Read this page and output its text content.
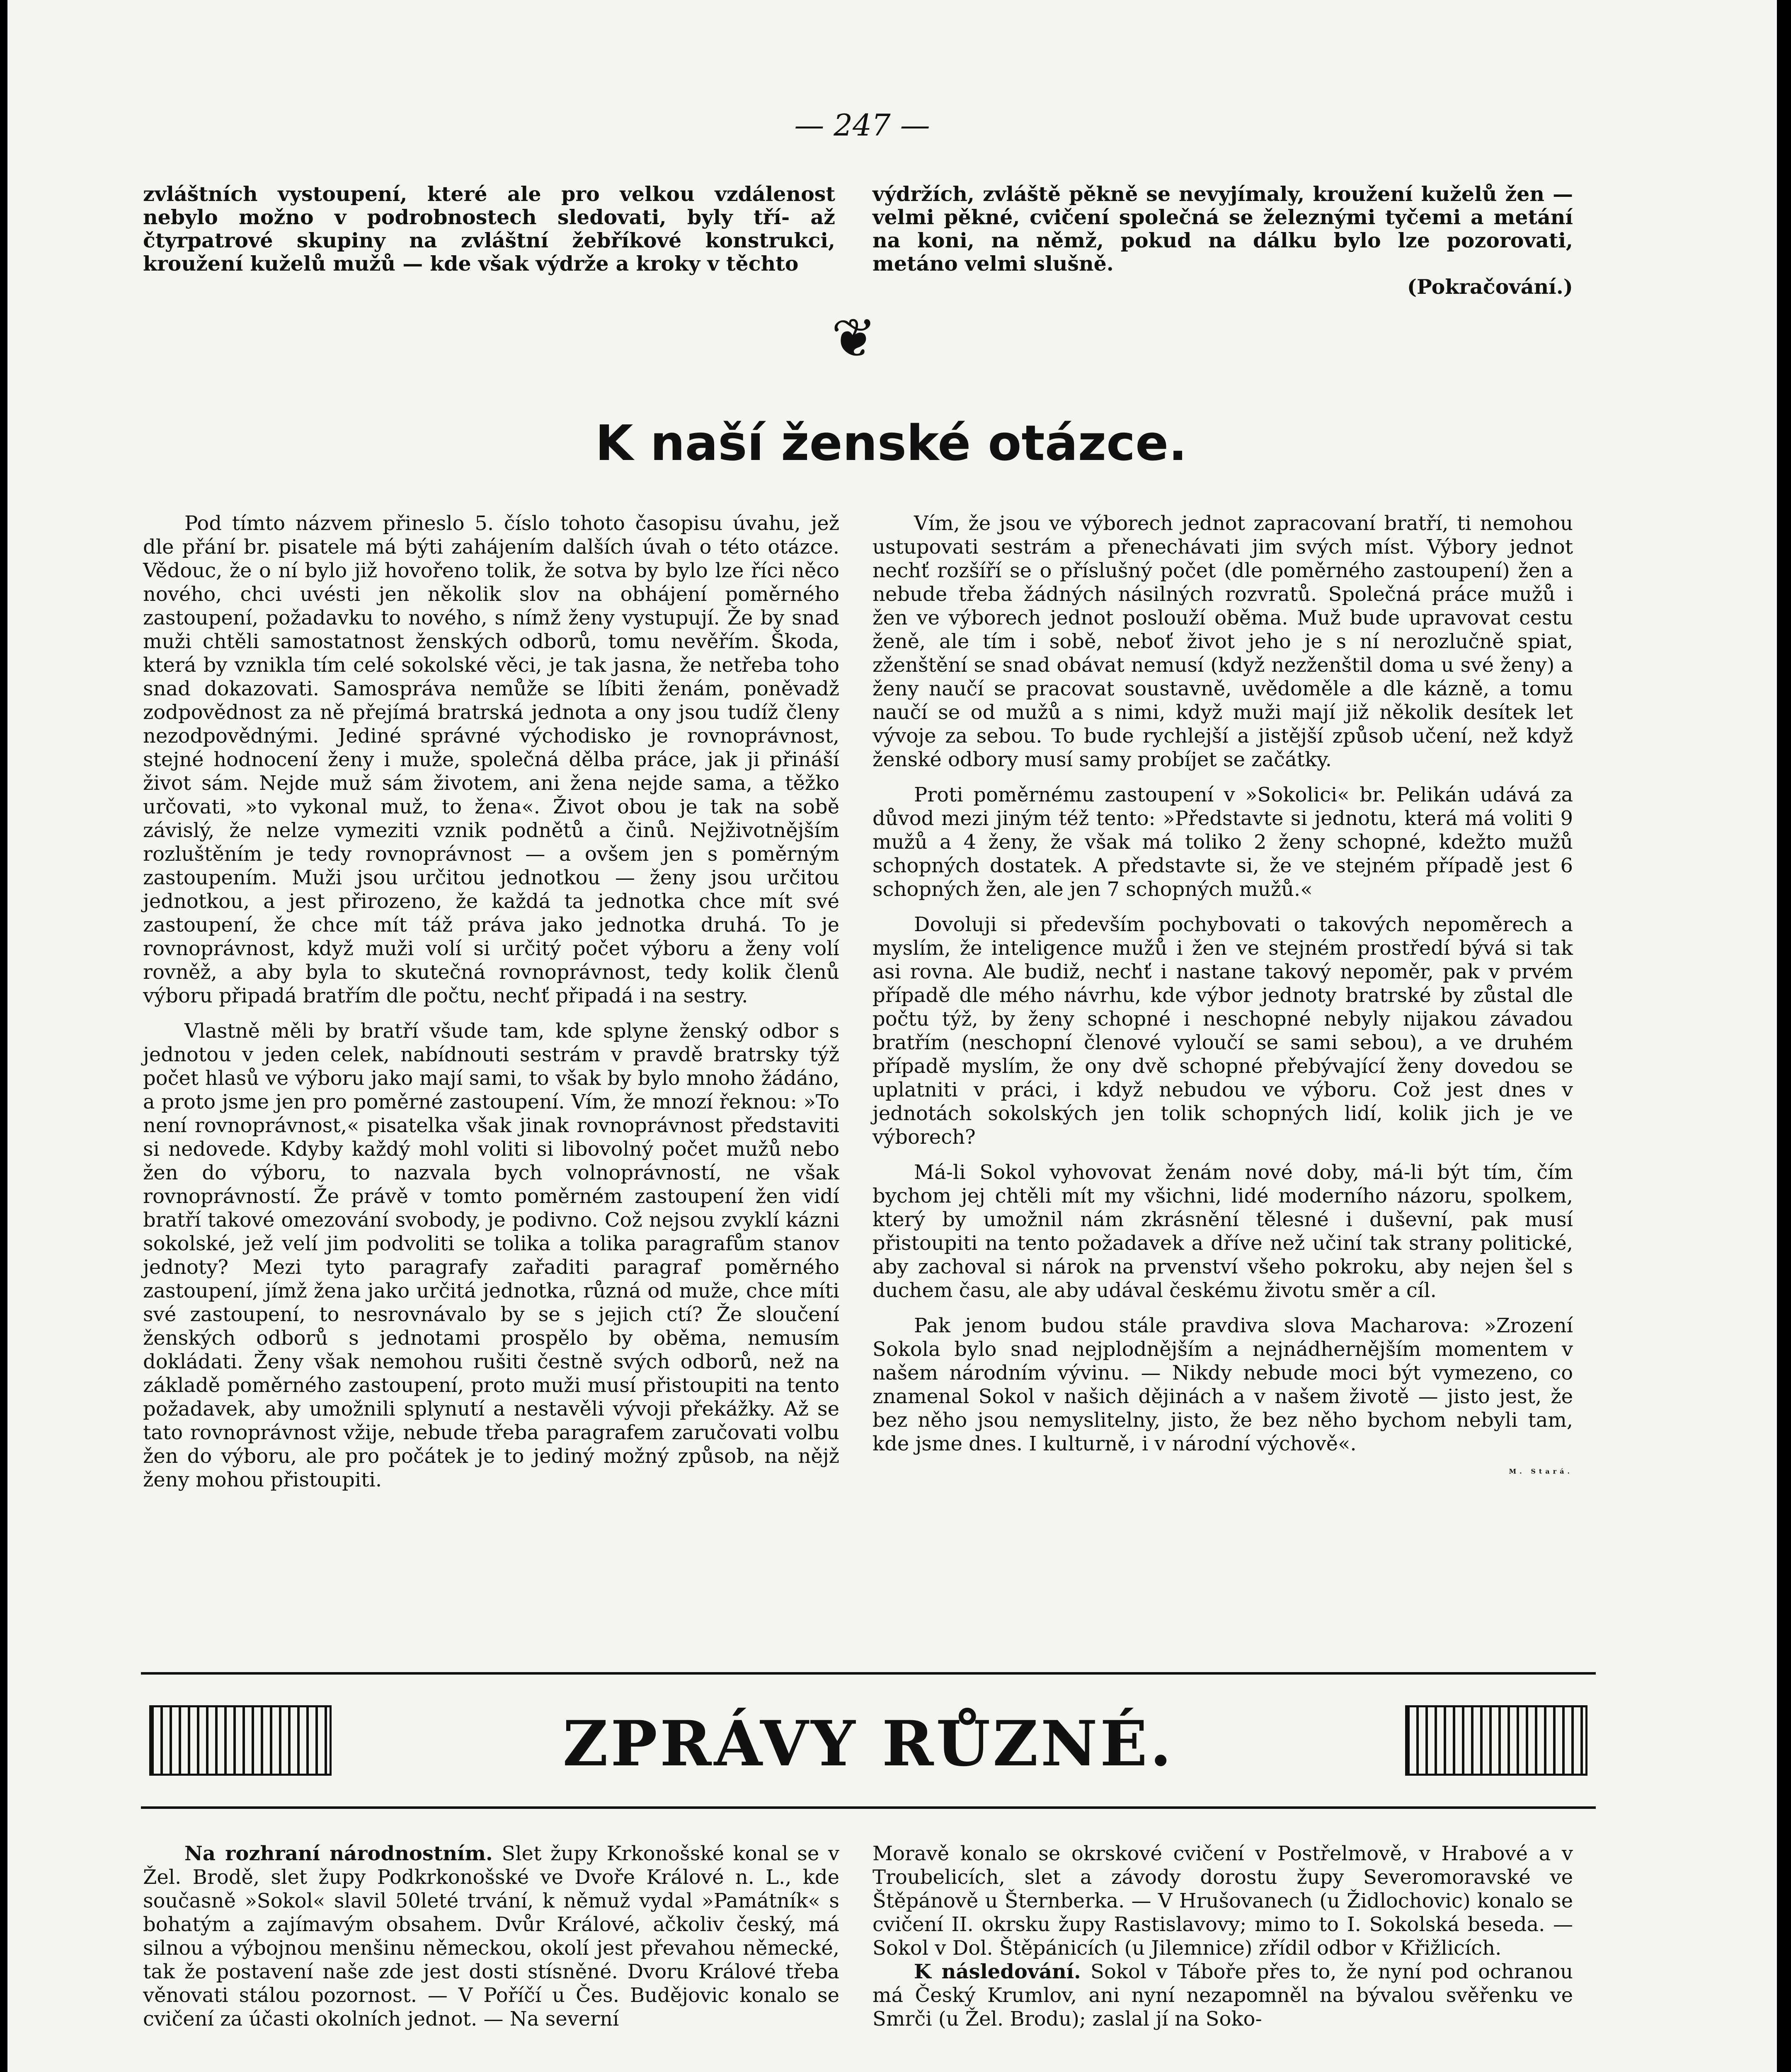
— 247 —
zvláštních vystoupení, které ale pro velkou vzdálenost nebylo možno v podrobnostech sledovati, byly tří- až čtyrpatrové skupiny na zvláštní žebříkové konstrukci, kroužení kuželů mužů — kde však výdrže a kroky v těchto
výdržích, zvláště pěkně se nevyjímaly, kroužení kuželů žen — velmi pěkné, cvičení společná se železnými tyčemi a metání na koni, na němž, pokud na dálku bylo lze pozorovati, metáno velmi slušně.
(Pokračování.)
❦
K naší ženské otázce.

Pod tímto názvem přineslo 5. číslo tohoto časopisu úvahu, jež dle přání br. pisatele má býti zahájením dalších úvah o této otázce. Vědouc, že o ní bylo již hovořeno tolik, že sotva by bylo lze říci něco nového, chci uvésti jen několik slov na obhájení poměrného zastoupení, požadavku to nového, s nímž ženy vystupují. Že by snad muži chtěli samostatnost ženských odborů, tomu nevěřím. Škoda, která by vznikla tím celé sokolské věci, je tak jasna, že netřeba toho snad dokazovati. Samospráva nemůže se líbiti ženám, poněvadž zodpovědnost za ně přejímá bratrská jednota a ony jsou tudíž členy nezodpovědnými. Jediné správné východisko je rovnoprávnost, stejné hodnocení ženy i muže, společná dělba práce, jak ji přináší život sám. Nejde muž sám životem, ani žena nejde sama, a těžko určovati, »to vykonal muž, to žena«. Život obou je tak na sobě závislý, že nelze vymeziti vznik podnětů a činů. Nejživotnějším rozluštěním je tedy rovnoprávnost — a ovšem jen s poměrným zastoupením. Muži jsou určitou jednotkou — ženy jsou určitou jednotkou, a jest přirozeno, že každá ta jednotka chce mít své zastoupení, že chce mít táž práva jako jednotka druhá. To je rovnoprávnost, když muži volí si určitý počet výboru a ženy volí rovněž, a aby byla to skutečná rovnoprávnost, tedy kolik členů výboru připadá bratřím dle počtu, nechť připadá i na sestry.

Vlastně měli by bratří všude tam, kde splyne ženský odbor s jednotou v jeden celek, nabídnouti sestrám v pravdě bratrsky týž počet hlasů ve výboru jako mají sami, to však by bylo mnoho žádáno, a proto jsme jen pro poměrné zastoupení. Vím, že mnozí řeknou: »To není rovnoprávnost,« pisatelka však jinak rovnoprávnost představiti si nedovede. Kdyby každý mohl voliti si libovolný počet mužů nebo žen do výboru, to nazvala bych volnoprávností, ne však rovnoprávností. Že právě v tomto poměrném zastoupení žen vidí bratří takové omezování svobody, je podivno. Což nejsou zvyklí kázni sokolské, jež velí jim podvoliti se tolika a tolika paragrafům stanov jednoty? Mezi tyto paragrafy zařaditi paragraf poměrného zastoupení, jímž žena jako určitá jednotka, různá od muže, chce míti své zastoupení, to nesrovnávalo by se s jejich ctí? Že sloučení ženských odborů s jednotami prospělo by oběma, nemusím dokládati. Ženy však nemohou rušiti čestně svých odborů, než na základě poměrného zastoupení, proto muži musí přistoupiti na tento požadavek, aby umožnili splynutí a nestavěli vývoji překážky. Až se tato rovnoprávnost vžije, nebude třeba paragrafem zaručovati volbu žen do výboru, ale pro počátek je to jediný možný způsob, na nějž ženy mohou přistoupiti.

Vím, že jsou ve výborech jednot zapracovaní bratří, ti nemohou ustupovati sestrám a přenechávati jim svých míst. Výbory jednot nechť rozšíří se o příslušný počet (dle poměrného zastoupení) žen a nebude třeba žádných násilných rozvratů. Společná práce mužů i žen ve výborech jednot poslouží oběma. Muž bude upravovat cestu ženě, ale tím i sobě, neboť život jeho je s ní nerozlučně spiat, zženštění se snad obávat nemusí (když nezženštil doma u své ženy) a ženy naučí se pracovat soustavně, uvědoměle a dle kázně, a tomu naučí se od mužů a s nimi, když muži mají již několik desítek let vývoje za sebou. To bude rychlejší a jistější způsob učení, než když ženské odbory musí samy probíjet se začátky.

Proti poměrnému zastoupení v »Sokolici« br. Pelikán udává za důvod mezi jiným též tento: »Představte si jednotu, která má voliti 9 mužů a 4 ženy, že však má toliko 2 ženy schopné, kdežto mužů schopných dostatek. A představte si, že ve stejném případě jest 6 schopných žen, ale jen 7 schopných mužů.«

Dovoluji si především pochybovati o takových nepoměrech a myslím, že inteligence mužů i žen ve stejném prostředí bývá si tak asi rovna. Ale budiž, nechť i nastane takový nepoměr, pak v prvém případě dle mého návrhu, kde výbor jednoty bratrské by zůstal dle počtu týž, by ženy schopné i neschopné nebyly nijakou závadou bratřím (neschopní členové vyloučí se sami sebou), a ve druhém případě myslím, že ony dvě schopné přebývající ženy dovedou se uplatniti v práci, i když nebudou ve výboru. Což jest dnes v jednotách sokolských jen tolik schopných lidí, kolik jich je ve výborech?

Má-li Sokol vyhovovat ženám nové doby, má-li být tím, čím bychom jej chtěli mít my všichni, lidé moderního názoru, spolkem, který by umožnil nám zkrásnění tělesné i duševní, pak musí přistoupiti na tento požadavek a dříve než učiní tak strany politické, aby zachoval si nárok na prvenství všeho pokroku, aby nejen šel s duchem času, ale aby udával českému životu směr a cíl.

Pak jenom budou stále pravdiva slova Macharova: »Zrození Sokola bylo snad nejplodnějším a nejnádhernějším momentem v našem národním vývinu. — Nikdy nebude moci být vymezeno, co znamenal Sokol v našich dějinách a v našem životě — jisto jest, že bez něho jsou nemyslitelny, jisto, že bez něho bychom nebyli tam, kde jsme dnes. I kulturně, i v národní výchově«.

M. Stará.
ZPRÁVY RŮZNÉ.

Na rozhraní národnostním. Slet župy Krkonošské konal se v Žel. Brodě, slet župy Podkrkonošské ve Dvoře Králové n. L., kde současně »Sokol« slavil 50leté trvání, k němuž vydal »Památník« s bohatým a zajímavým obsahem. Dvůr Králové, ačkoliv český, má silnou a výbojnou menšinu německou, okolí jest převahou německé, tak že postavení naše zde jest dosti stísněné. Dvoru Králové třeba věnovati stálou pozornost. — V Poříčí u Čes. Budějovic konalo se cvičení za účasti okolních jednot. — Na severní

Moravě konalo se okrskové cvičení v Postřelmově, v Hrabové a v Troubelicích, slet a závody dorostu župy Severomoravské ve Štěpánově u Šternberka. — V Hrušovanech (u Židlochovic) konalo se cvičení II. okrsku župy Rastislavovy; mimo to I. Sokolská beseda. — Sokol v Dol. Štěpánicích (u Jilemnice) zřídil odbor v Křižlicích.

K následování. Sokol v Táboře přes to, že nyní pod ochranou má Český Krumlov, ani nyní nezapomněl na bývalou svěřenku ve Smrči (u Žel. Brodu); zaslal jí na Soko-
